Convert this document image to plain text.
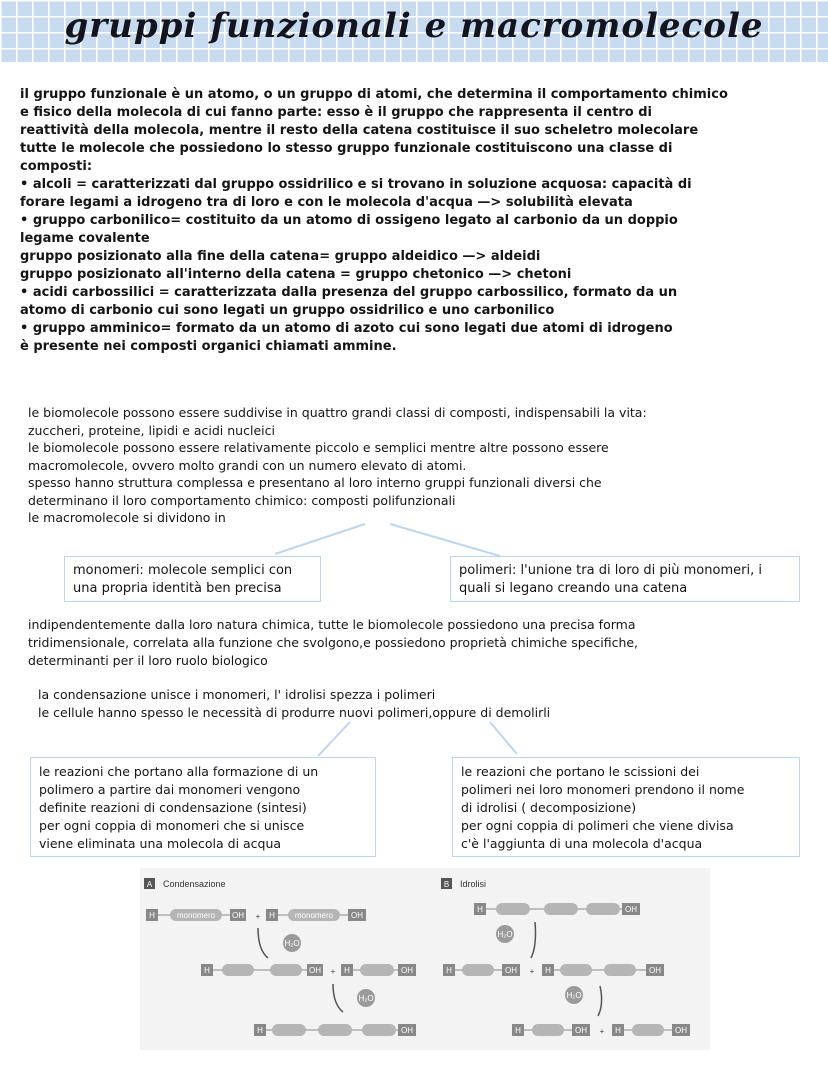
gruppi funzionali e macromolecole

il gruppo funzionale è un atomo, o un gruppo di atomi, che determina il comportamento chimico

e fisico della molecola di cui fanno parte: esso è il gruppo che rappresenta il centro di

reattività della molecola, mentre il resto della catena costituisce il suo scheletro molecolare

tutte le molecole che possiedono lo stesso gruppo funzionale costituiscono una classe di

composti:

• alcoli = caratterizzati dal gruppo ossidrilico e si trovano in soluzione acquosa: capacità di

forare legami a idrogeno tra di loro e con le molecola d'acqua —> solubilità elevata

• gruppo carbonilico= costituito da un atomo di ossigeno legato al carbonio da un doppio

legame covalente

gruppo posizionato alla fine della catena= gruppo aldeidico —> aldeidi

gruppo posizionato all'interno della catena = gruppo chetonico —> chetoni

• acidi carbossilici = caratterizzata dalla presenza del gruppo carbossilico, formato da un

atomo di carbonio cui sono legati un gruppo ossidrilico e uno carbonilico

• gruppo amminico= formato da un atomo di azoto cui sono legati due atomi di idrogeno

è presente nei composti organici chiamati ammine.

le biomolecole possono essere suddivise in quattro grandi classi di composti, indispensabili la vita:

zuccheri, proteine, lipidi e acidi nucleici

le biomolecole possono essere relativamente piccolo e semplici mentre altre possono essere

macromolecole, ovvero molto grandi con un numero elevato di atomi.

spesso hanno struttura complessa e presentano al loro interno gruppi funzionali diversi che

determinano il loro comportamento chimico: composti polifunzionali

le macromolecole si dividono in

monomeri: molecole semplici con

una propria identità ben precisa

polimeri: l'unione tra di loro di più monomeri, i

quali si legano creando una catena

indipendentemente dalla loro natura chimica, tutte le biomolecole possiedono una precisa forma

tridimensionale, correlata alla funzione che svolgono,e possiedono proprietà chimiche specifiche,

determinanti per il loro ruolo biologico

la condensazione unisce i monomeri, l' idrolisi spezza i polimeri

le cellule hanno spesso le necessità di produrre nuovi polimeri,oppure di demolirli

le reazioni che portano alla formazione di un

polimero a partire dai monomeri vengono

definite reazioni di condensazione (sintesi)

per ogni coppia di monomeri che si unisce

viene eliminata una molecola di acqua

le reazioni che portano le scissioni dei

polimeri nei loro monomeri prendono il nome

di idrolisi ( decomposizione)

per ogni coppia di polimeri che viene divisa

c'è l'aggiunta di una molecola d'acqua

A Condensazione	B Idrolisi
H	monomero OH + H monomero OH
H₂O
H	OH + H	OH
H₂O
H	OH
H	OH
H₂O
H	OH + H	OH
H₂O
H	OH + H	OH
